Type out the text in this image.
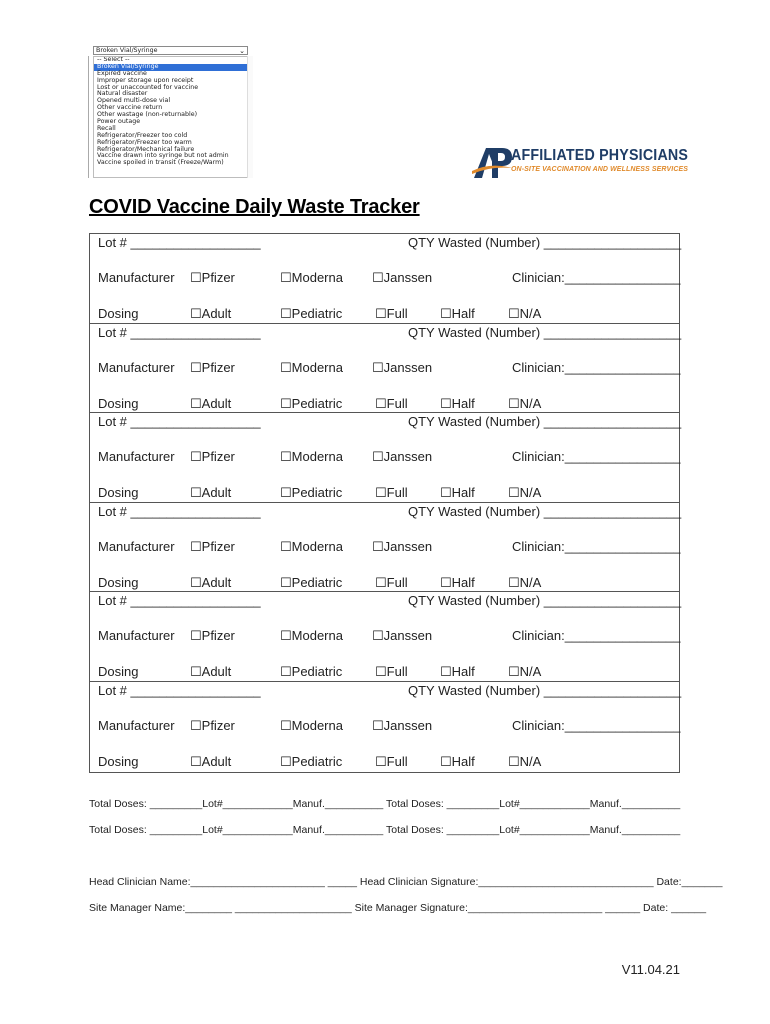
Broken Vial/Syringe	⌄
-- Select --
Broken Vial/Syringe
Expired vaccine
Improper storage upon receipt
Lost or unaccounted for vaccine
Natural disaster
Opened multi-dose vial
Other vaccine return
Other wastage (non-returnable)
Power outage
Recall
Refrigerator/Freezer too cold
Refrigerator/Freezer too warm
Refrigerator/Mechanical failure
Vaccine drawn into syringe but not admin
Vaccine spoiled in transit (Freeze/Warm)	AFFILIATED PHYSICIANS
ON-SITE VACCINATION AND WELLNESS SERVICES
COVID Vaccine Daily Waste Tracker
Lot # __________________	QTY Wasted (Number) ___________________
Manufacturer ☐Pfizer	☐Moderna ☐Janssen	Clinician:________________
Dosing	☐Adult	☐Pediatric	☐Full ☐Half	☐N/A
Lot # __________________	QTY Wasted (Number) ___________________
Manufacturer ☐Pfizer	☐Moderna ☐Janssen	Clinician:________________
Dosing	☐Adult	☐Pediatric	☐Full ☐Half	☐N/A
Lot # __________________	QTY Wasted (Number) ___________________
Manufacturer ☐Pfizer	☐Moderna ☐Janssen	Clinician:________________
Dosing	☐Adult	☐Pediatric	☐Full ☐Half	☐N/A
Lot # __________________	QTY Wasted (Number) ___________________
Manufacturer ☐Pfizer	☐Moderna ☐Janssen	Clinician:________________
Dosing	☐Adult	☐Pediatric	☐Full ☐Half	☐N/A
Lot # __________________	QTY Wasted (Number) ___________________
Manufacturer ☐Pfizer	☐Moderna ☐Janssen	Clinician:________________
Dosing	☐Adult	☐Pediatric	☐Full ☐Half	☐N/A
Lot # __________________	QTY Wasted (Number) ___________________
Manufacturer ☐Pfizer	☐Moderna ☐Janssen	Clinician:________________
Dosing	☐Adult	☐Pediatric	☐Full ☐Half	☐N/A
Total Doses: _________Lot#____________Manuf.__________ Total Doses: _________Lot#____________Manuf.__________
Total Doses: _________Lot#____________Manuf.__________ Total Doses: _________Lot#____________Manuf.__________
Head Clinician Name:_______________________ _____ Head Clinician Signature:______________________________ Date:_______
Site Manager Name:________ ____________________ Site Manager Signature:_______________________ ______ Date: ______
V11.04.21
